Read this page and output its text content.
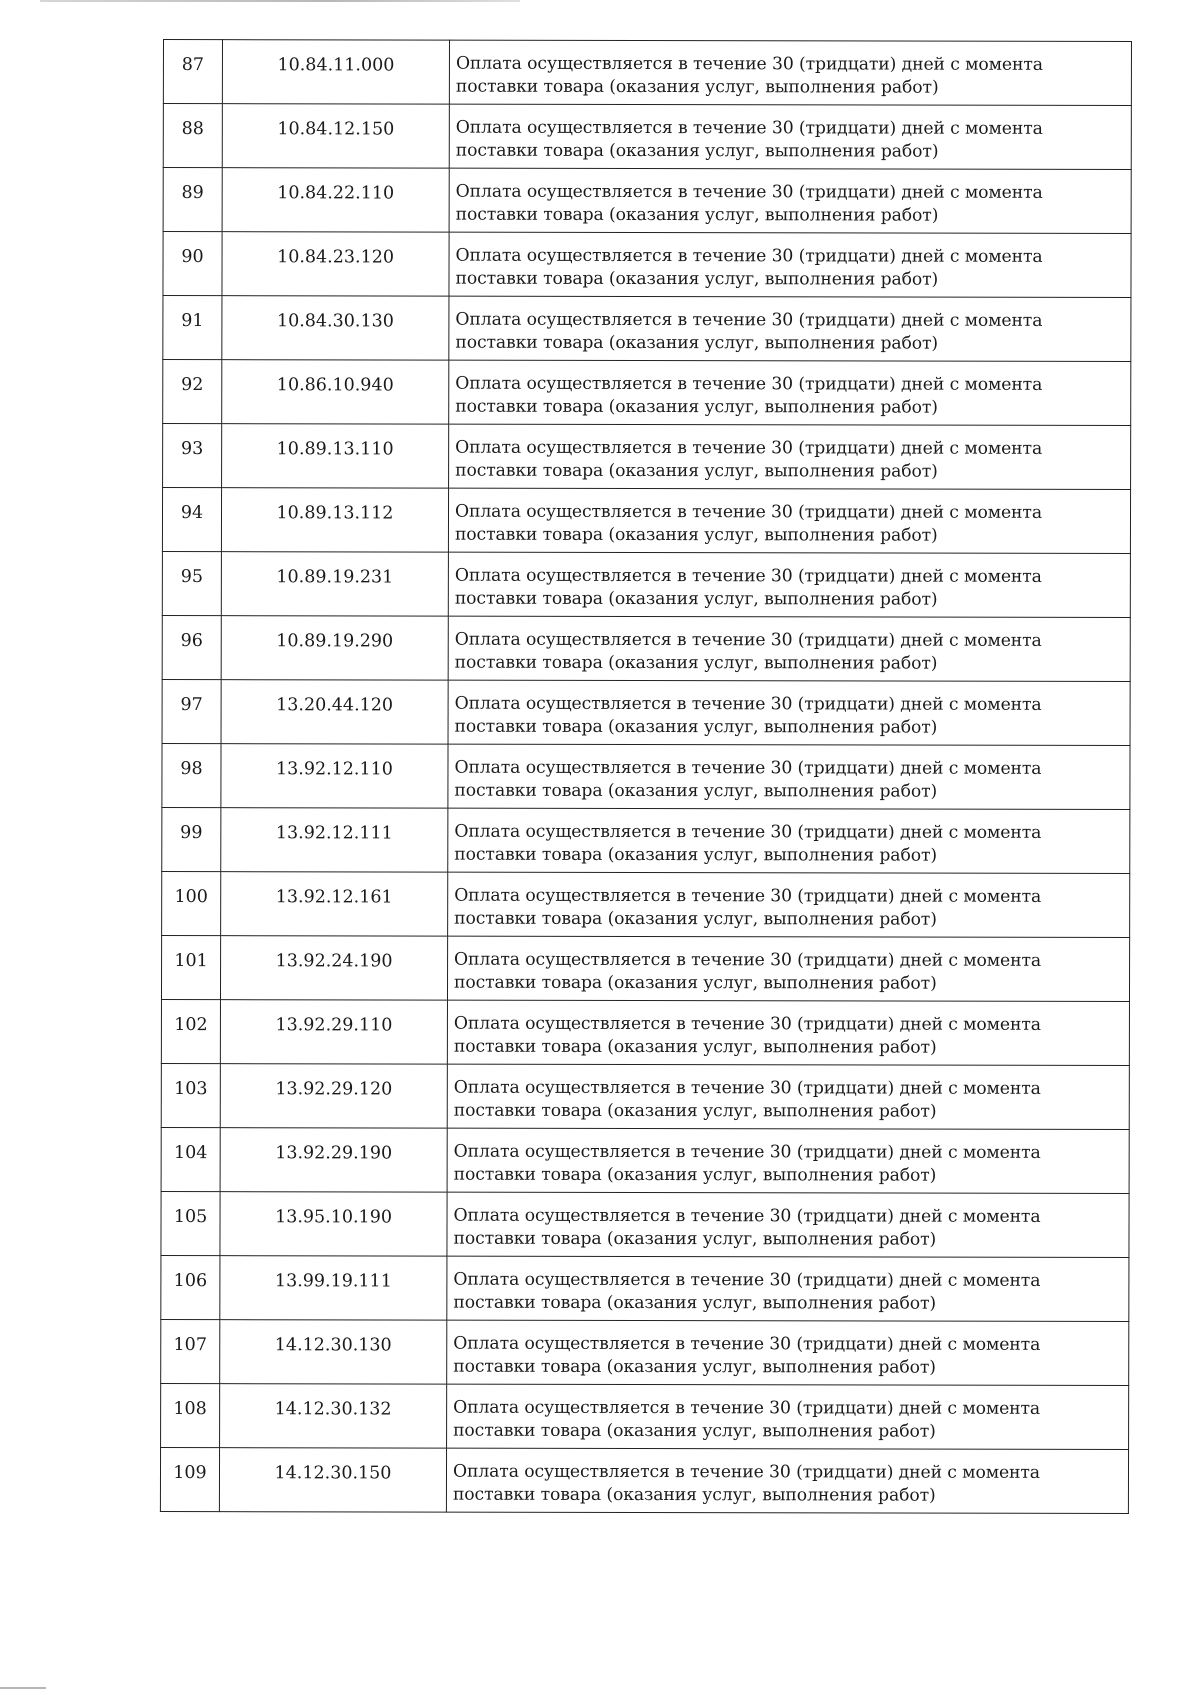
87	10.84.11.000	Оплата осуществляется в течение 30 (тридцати) дней с момента поставки товара (оказания услуг, выполнения работ)
88	10.84.12.150	Оплата осуществляется в течение 30 (тридцати) дней с момента поставки товара (оказания услуг, выполнения работ)
89	10.84.22.110	Оплата осуществляется в течение 30 (тридцати) дней с момента поставки товара (оказания услуг, выполнения работ)
90	10.84.23.120	Оплата осуществляется в течение 30 (тридцати) дней с момента поставки товара (оказания услуг, выполнения работ)
91	10.84.30.130	Оплата осуществляется в течение 30 (тридцати) дней с момента поставки товара (оказания услуг, выполнения работ)
92	10.86.10.940	Оплата осуществляется в течение 30 (тридцати) дней с момента поставки товара (оказания услуг, выполнения работ)
93	10.89.13.110	Оплата осуществляется в течение 30 (тридцати) дней с момента поставки товара (оказания услуг, выполнения работ)
94	10.89.13.112	Оплата осуществляется в течение 30 (тридцати) дней с момента поставки товара (оказания услуг, выполнения работ)
95	10.89.19.231	Оплата осуществляется в течение 30 (тридцати) дней с момента поставки товара (оказания услуг, выполнения работ)
96	10.89.19.290	Оплата осуществляется в течение 30 (тридцати) дней с момента поставки товара (оказания услуг, выполнения работ)
97	13.20.44.120	Оплата осуществляется в течение 30 (тридцати) дней с момента поставки товара (оказания услуг, выполнения работ)
98	13.92.12.110	Оплата осуществляется в течение 30 (тридцати) дней с момента поставки товара (оказания услуг, выполнения работ)
99	13.92.12.111	Оплата осуществляется в течение 30 (тридцати) дней с момента поставки товара (оказания услуг, выполнения работ)
100	13.92.12.161	Оплата осуществляется в течение 30 (тридцати) дней с момента поставки товара (оказания услуг, выполнения работ)
101	13.92.24.190	Оплата осуществляется в течение 30 (тридцати) дней с момента поставки товара (оказания услуг, выполнения работ)
102	13.92.29.110	Оплата осуществляется в течение 30 (тридцати) дней с момента поставки товара (оказания услуг, выполнения работ)
103	13.92.29.120	Оплата осуществляется в течение 30 (тридцати) дней с момента поставки товара (оказания услуг, выполнения работ)
104	13.92.29.190	Оплата осуществляется в течение 30 (тридцати) дней с момента поставки товара (оказания услуг, выполнения работ)
105	13.95.10.190	Оплата осуществляется в течение 30 (тридцати) дней с момента поставки товара (оказания услуг, выполнения работ)
106	13.99.19.111	Оплата осуществляется в течение 30 (тридцати) дней с момента поставки товара (оказания услуг, выполнения работ)
107	14.12.30.130	Оплата осуществляется в течение 30 (тридцати) дней с момента поставки товара (оказания услуг, выполнения работ)
108	14.12.30.132	Оплата осуществляется в течение 30 (тридцати) дней с момента поставки товара (оказания услуг, выполнения работ)
109	14.12.30.150	Оплата осуществляется в течение 30 (тридцати) дней с момента поставки товара (оказания услуг, выполнения работ)
